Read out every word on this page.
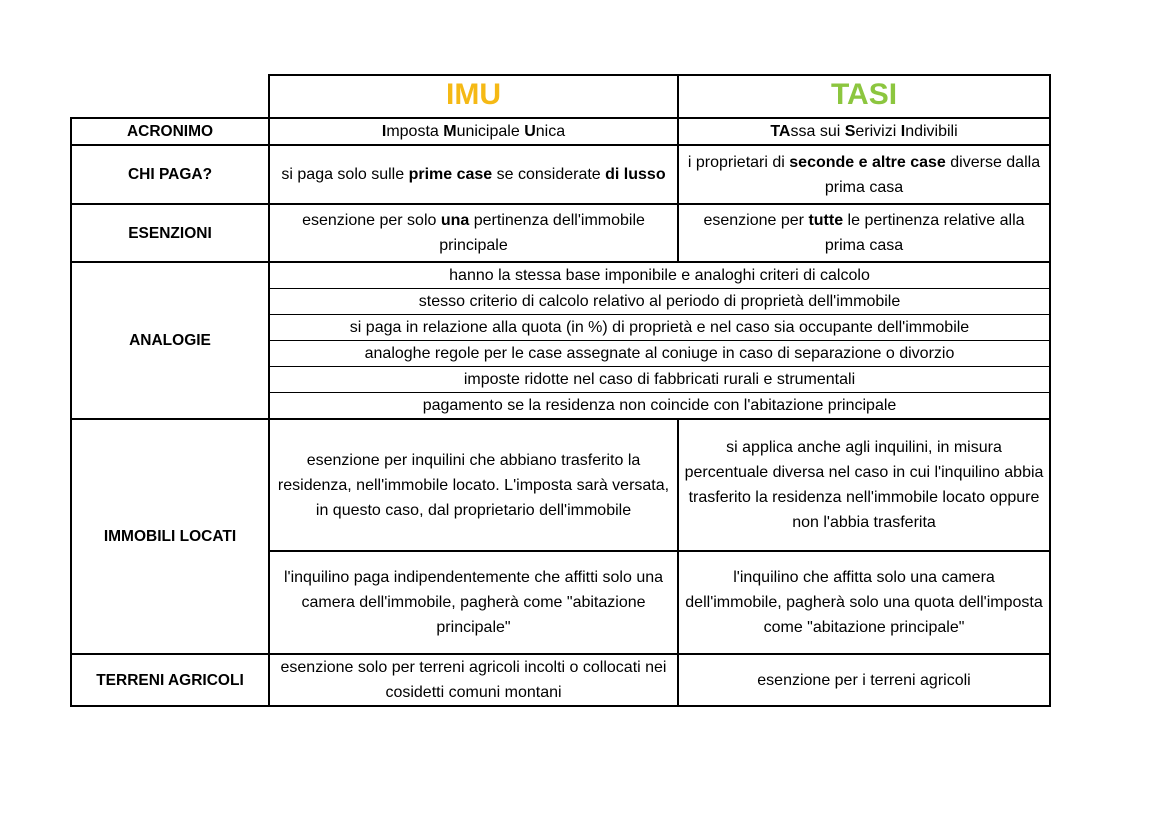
	IMU	TASI
ACRONIMO	Imposta Municipale Unica	TAssa sui Serivizi Indivibili
CHI PAGA?	si paga solo sulle prime case se considerate di lusso	i proprietari di seconde e altre case diverse dalla prima casa
ESENZIONI	esenzione per solo una pertinenza dell'immobile principale	esenzione per tutte le pertinenza relative alla prima casa
ANALOGIE	hanno la stessa base imponibile e analoghi criteri di calcolo	
	stesso criterio di calcolo relativo al periodo di proprietà dell'immobile	
	si paga in relazione alla quota (in %) di proprietà e nel caso sia occupante dell'immobile	
	analoghe regole per le case assegnate al coniuge in caso di separazione o divorzio	
	imposte ridotte nel caso di fabbricati rurali e strumentali	
	pagamento se la residenza non coincide con l'abitazione principale	
IMMOBILI LOCATI	esenzione per inquilini che abbiano trasferito la residenza, nell'immobile locato. L'imposta sarà versata, in questo caso, dal proprietario dell'immobile	si applica anche agli inquilini, in misura percentuale diversa nel caso in cui l'inquilino abbia trasferito la residenza nell'immobile locato oppure non l'abbia trasferita
	l'inquilino paga indipendentemente che affitti solo una camera dell'immobile, pagherà come "abitazione principale"	l'inquilino che affitta solo una camera dell'immobile, pagherà solo una quota dell'imposta come "abitazione principale"
TERRENI AGRICOLI	esenzione solo per terreni agricoli incolti o collocati nei cosidetti comuni montani	esenzione per i terreni agricoli
